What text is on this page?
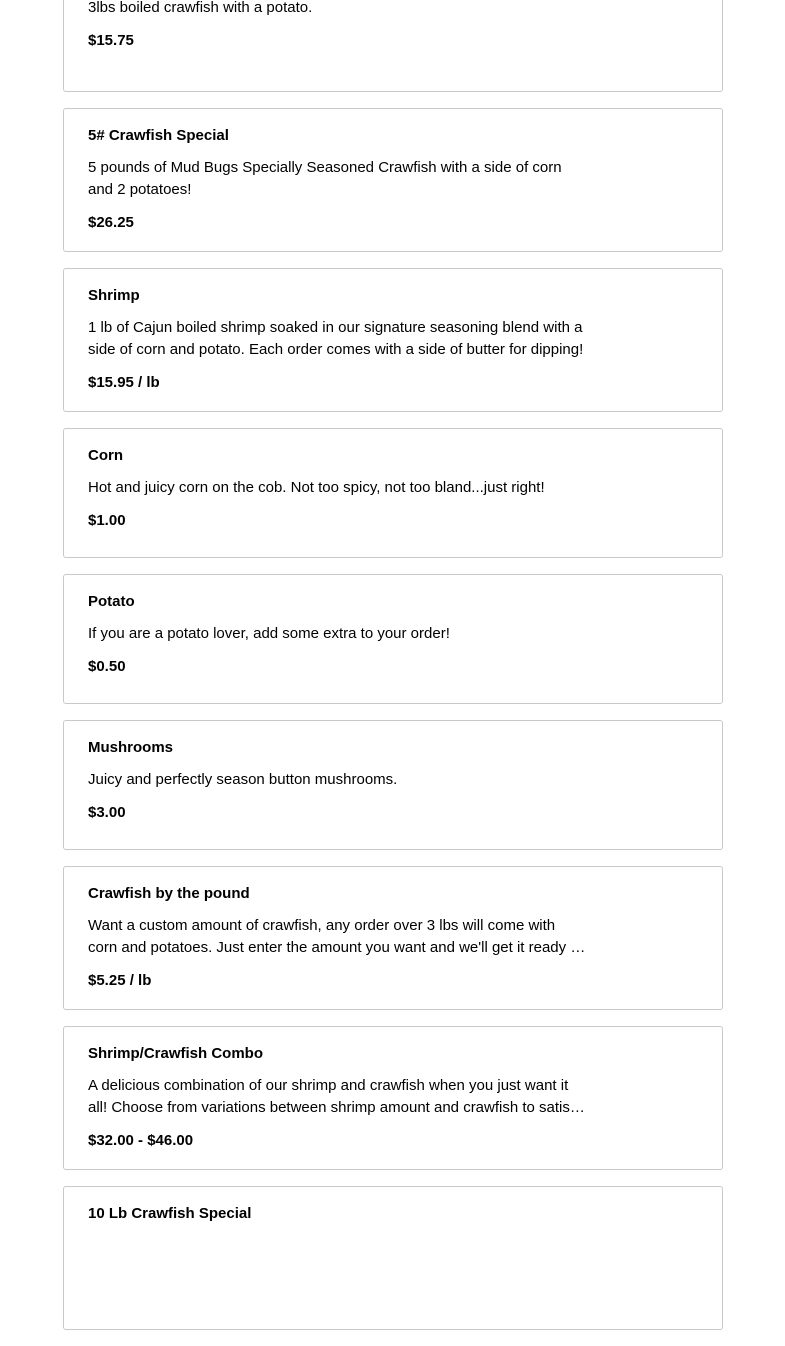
3lbs boiled crawfish with a potato.
$15.75
5# Crawfish Special
5 pounds of Mud Bugs Specially Seasoned Crawfish with a side of corn and 2 potatoes!
$26.25
Shrimp
1 lb of Cajun boiled shrimp soaked in our signature seasoning blend with a side of corn and potato. Each order comes with a side of butter for dipping!
$15.95 / lb
Corn
Hot and juicy corn on the cob. Not too spicy, not too bland...just right!
$1.00
Potato
If you are a potato lover, add some extra to your order!
$0.50
Mushrooms
Juicy and perfectly season button mushrooms.
$3.00
Crawfish by the pound
Want a custom amount of crawfish, any order over 3 lbs will come with corn and potatoes. Just enter the amount you want and we'll get it ready for
$5.25 / lb
Shrimp/Crawfish Combo
A delicious combination of our shrimp and crawfish when you just want it all! Choose from variations between shrimp amount and crawfish to satisfy
$32.00 - $46.00
10 Lb Crawfish Special
